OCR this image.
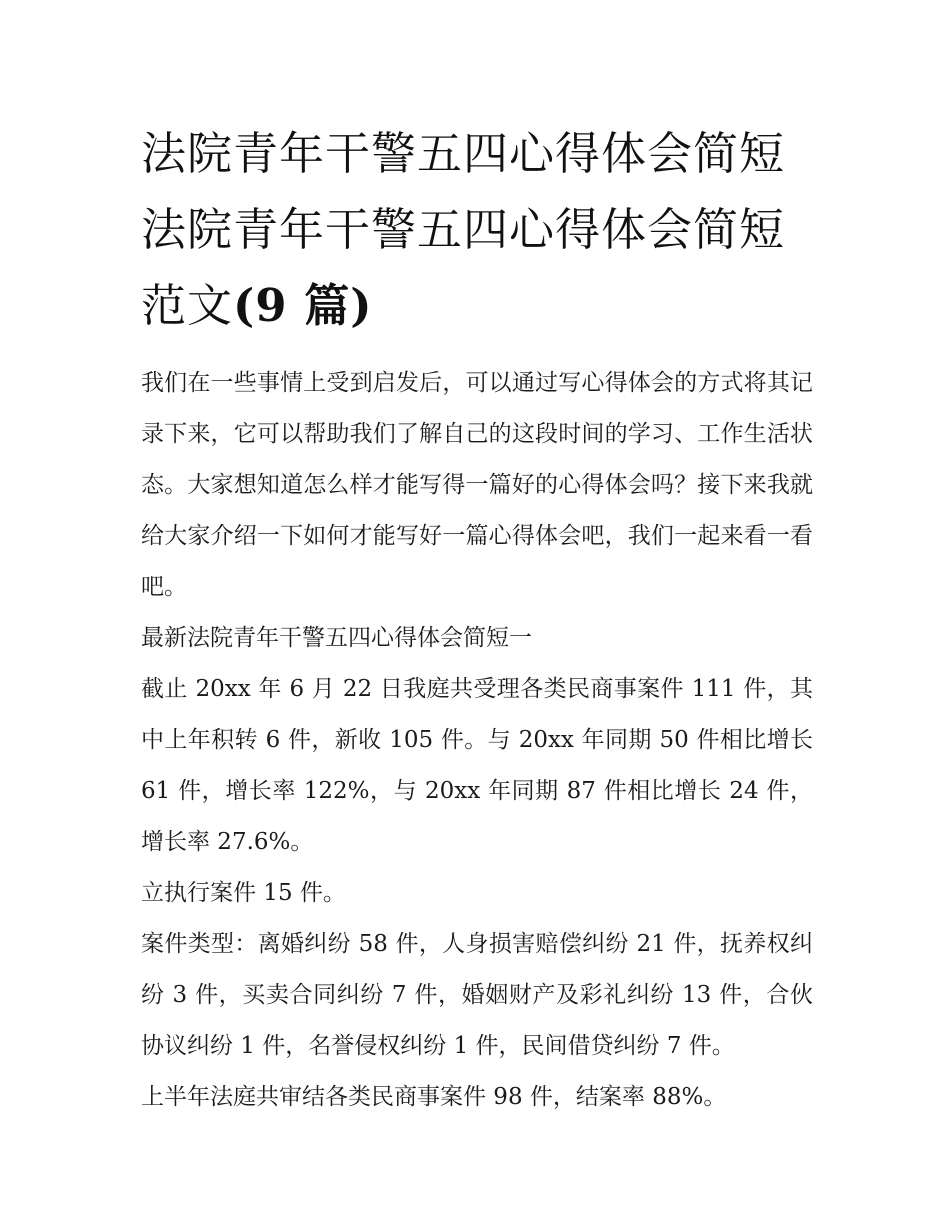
法院青年干警五四心得体会简短 法院青年干警五四心得体会简短范文(9 篇)

我们在一些事情上受到启发后，可以通过写心得体会的方式将其记录下来，它可以帮助我们了解自己的这段时间的学习、工作生活状态。大家想知道怎么样才能写得一篇好的心得体会吗？接下来我就给大家介绍一下如何才能写好一篇心得体会吧，我们一起来看一看吧。

最新法院青年干警五四心得体会简短一

截止 20xx 年 6 月 22 日我庭共受理各类民商事案件 111 件，其中上年积转 6 件，新收 105 件。与 20xx 年同期 50 件相比增长 61 件，增长率 122%，与 20xx 年同期 87 件相比增长 24 件，增长率 27.6%。

立执行案件 15 件。

案件类型：离婚纠纷 58 件，人身损害赔偿纠纷 21 件，抚养权纠纷 3 件，买卖合同纠纷 7 件，婚姻财产及彩礼纠纷 13 件，合伙协议纠纷 1 件，名誉侵权纠纷 1 件，民间借贷纠纷 7 件。

上半年法庭共审结各类民商事案件 98 件，结案率 88%。
